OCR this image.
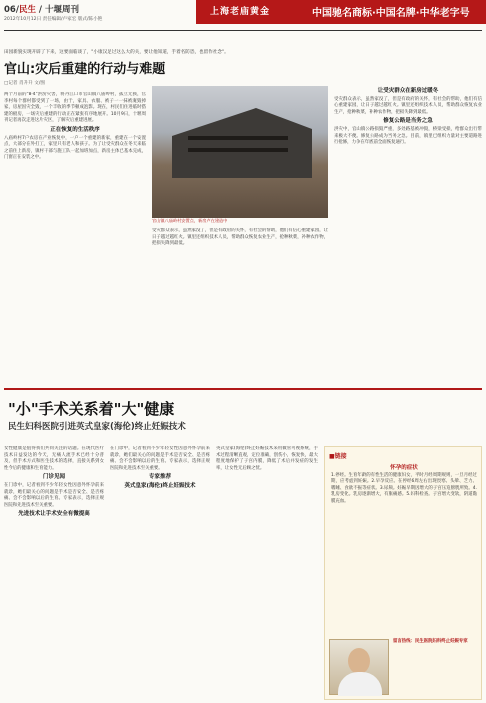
06/民生 / 十堰周刊
2012年10月12日 责任编辑/卢家宏 版式/陈小艳
上海老庙黄金	中国驰名商标·中国名牌·中华老字号
田园新貌实现开辟了下来，这要面临谈了，"小康汉足过这么大的关，要让他知道，手着名防恐，也留作社念"。
官山:灾后重建的行动与难题
□记者 肖升升 文/图

两个月前的"8·4"洪涝灾害，将丹江口市官山镇八庙岭村，孤立无援，官李村每个群村都受到了一场，由于，家具、衣服、被子一一抹被淹毁掉家，房屋因灾全毁，一个丰收的季节顿成泡影。现在，村民们住进临时搭建的板房，一场灾后重建的行动正在紧张有序地展开。10月9日，十堰周刊记者再次走进这片灾区，了解灾后重建进展。

正在恢复的生活秩序

八庙岭村7户农房在产业恢复中，一户一个重建的新家，重建在一个安置点，大部分在外打工，家里只有老人和孩子。为了让受灾群众在冬天来临之前住上新房，镇村干部与施工队一起加班加点，新房主体已基本完成，门窗正在安装之中。

官山镇八庙岭村安置点，新房卢在建造中

受灾群众表示，虽然家没了，但是有政府的关怀，有社会的帮助，他们有信心重建家园，让日子越过越红火。镇里还组织技术人员，帮助群众恢复农业生产，抢种秋菜，补种农作物，把损失降到最低。

让受灾群众在新房过暖冬

受灾群众表示，虽然家没了，但是有政府的关怀，有社会的帮助，他们有信心重建家园，让日子越过越红火。镇里还组织技术人员，帮助群众恢复农业生产，抢种秋菜，补种农作物，把损失降到最低。

修复公路是当务之急

洪灾中，官山镇公路损毁严重，多处路基被冲毁，桥梁受损，给群众出行带来极大不便。修复公路成为当务之急。目前，镇里已组织力量对主要道路进行抢修，力争在年底前全面恢复通行。

"小"手术关系着"大"健康
民生妇科医院引进英式皇家(海伦)终止妊娠技术

女性健康是值得我们共同关注的话题。在现代医疗技术日益发达的今天，无痛人流手术已经十分普及，但手术方式和医生技术的选择，直接关系到女性今后的健康和生育能力。

门诊见闻

在门诊中，记者看到不少年轻女性因意外怀孕前来就诊，她们最关心的问题是手术是否安全、是否疼痛、会不会影响以后的生育。专家表示，选择正规医院和先进技术至关重要。

先进技术让手术安全有微提高

在门诊中，记者看到不少年轻女性因意外怀孕前来就诊，她们最关心的问题是手术是否安全、是否疼痛、会不会影响以后的生育。专家表示，选择正规医院和先进技术至关重要。

专家推荐

英式皇家(海伦)终止妊娠技术

英式皇家(海伦)终止妊娠技术采用微管可视系统，手术过程清晰直观，定位准确，创伤小，恢复快，最大程度地保护了子宫内膜，降低了术后并发症的发生率，让女性无后顾之忧。

■链接
怀孕的症状
1.停经。生育年龄的有性生活的健康妇女，平时月经周期规则，一旦月经过期，应考虑到妊娠。2.早孕反应。在停经6周左右出现畏寒、头晕、乏力、嗜睡、食欲不振等症状。3.尿频。妊娠早期因增大的子宫压迫膀胱所致。4.乳房变化。乳房逐渐增大，有胀痛感。5.妇科检查。子宫增大变软，阴道黏膜充血。
留言热线：民生医院妇科终止妊娠专家
